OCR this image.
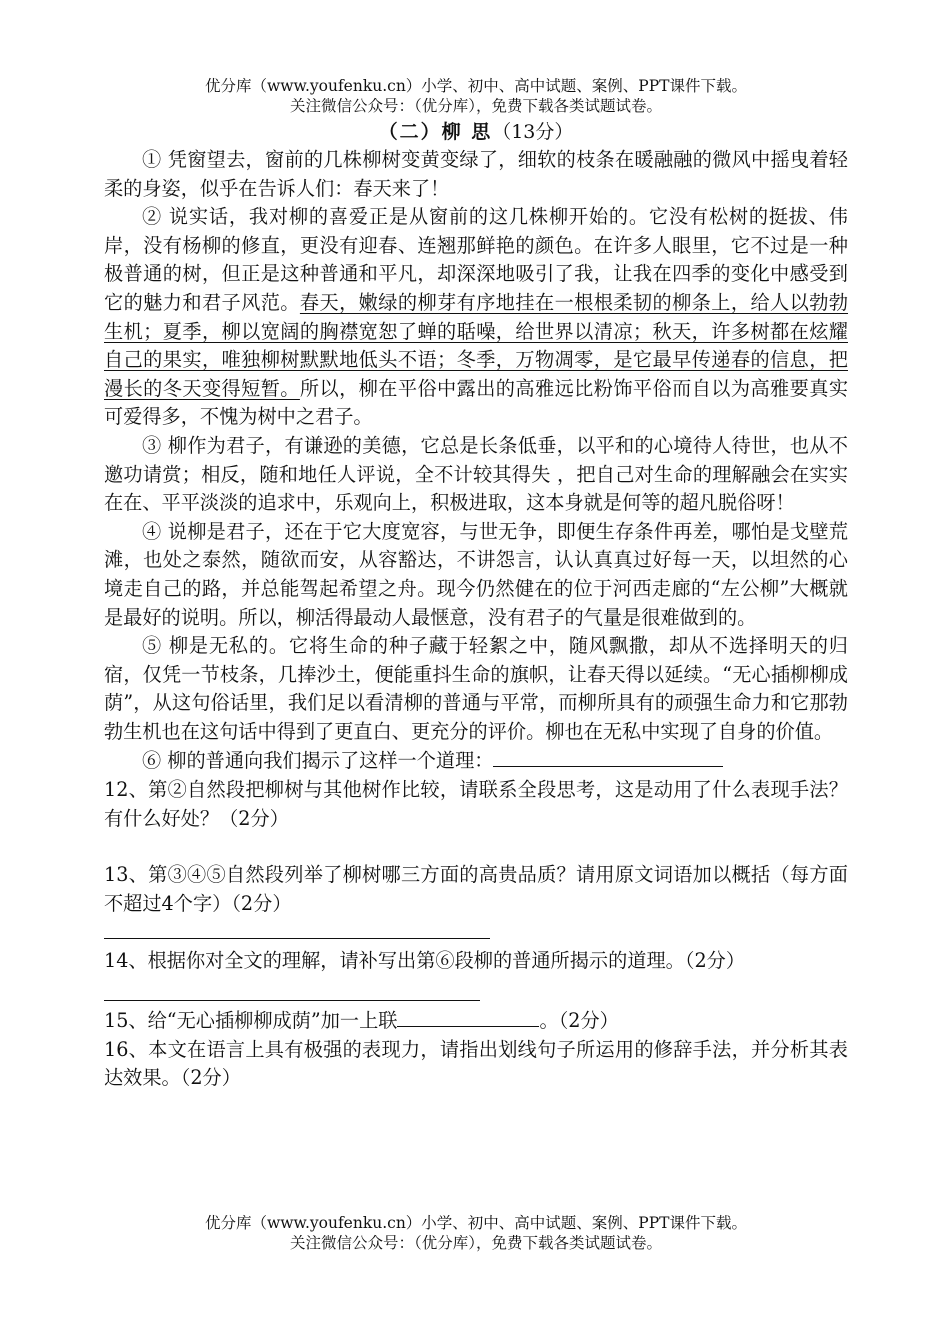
优分库（www.youfenku.cn）小学、初中、高中试题、案例、PPT课件下载。
关注微信公众号：（优分库），免费下载各类试题试卷。
（二）柳 思（13分）

① 凭窗望去，窗前的几株柳树变黄变绿了，细软的枝条在暖融融的微风中摇曳着轻柔的身姿，似乎在告诉人们：春天来了！

② 说实话，我对柳的喜爱正是从窗前的这几株柳开始的。它没有松树的挺拔、伟岸，没有杨柳的修直，更没有迎春、连翘那鲜艳的颜色。在许多人眼里，它不过是一种极普通的树，但正是这种普通和平凡，却深深地吸引了我，让我在四季的变化中感受到它的魅力和君子风范。春天，嫩绿的柳芽有序地挂在一根根柔韧的柳条上，给人以勃勃生机；夏季，柳以宽阔的胸襟宽恕了蝉的聒噪，给世界以清凉；秋天，许多树都在炫耀自己的果实，唯独柳树默默地低头不语；冬季，万物凋零，是它最早传递春的信息，把漫长的冬天变得短暂。所以，柳在平俗中露出的高雅远比粉饰平俗而自以为高雅要真实可爱得多，不愧为树中之君子。

③ 柳作为君子，有谦逊的美德，它总是长条低垂，以平和的心境待人待世，也从不邀功请赏；相反，随和地任人评说，全不计较其得失 ，把自己对生命的理解融会在实实在在、平平淡淡的追求中，乐观向上，积极进取，这本身就是何等的超凡脱俗呀！

④ 说柳是君子，还在于它大度宽容，与世无争，即便生存条件再差，哪怕是戈壁荒滩，也处之泰然，随欲而安，从容豁达，不讲怨言，认认真真过好每一天，以坦然的心境走自己的路，并总能驾起希望之舟。现今仍然健在的位于河西走廊的“左公柳”大概就是最好的说明。所以，柳活得最动人最惬意，没有君子的气量是很难做到的。

⑤ 柳是无私的。它将生命的种子藏于轻絮之中，随风飘撒，却从不选择明天的归宿，仅凭一节枝条，几捧沙土，便能重抖生命的旗帜，让春天得以延续。“无心插柳柳成荫”，从这句俗话里，我们足以看清柳的普通与平常，而柳所具有的顽强生命力和它那勃勃生机也在这句话中得到了更直白、更充分的评价。柳也在无私中实现了自身的价值。

⑥ 柳的普通向我们揭示了这样一个道理：

12、第②自然段把柳树与其他树作比较，请联系全段思考，这是动用了什么表现手法？有什么好处？（2分）

13、第③④⑤自然段列举了柳树哪三方面的高贵品质？请用原文词语加以概括（每方面不超过4个字）（2分）

14、根据你对全文的理解，请补写出第⑥段柳的普通所揭示的道理。（2分）

15、给“无心插柳柳成荫”加一上联	。（2分）

16、本文在语言上具有极强的表现力，请指出划线句子所运用的修辞手法，并分析其表达效果。（2分）

优分库（www.youfenku.cn）小学、初中、高中试题、案例、PPT课件下载。
关注微信公众号：（优分库），免费下载各类试题试卷。
